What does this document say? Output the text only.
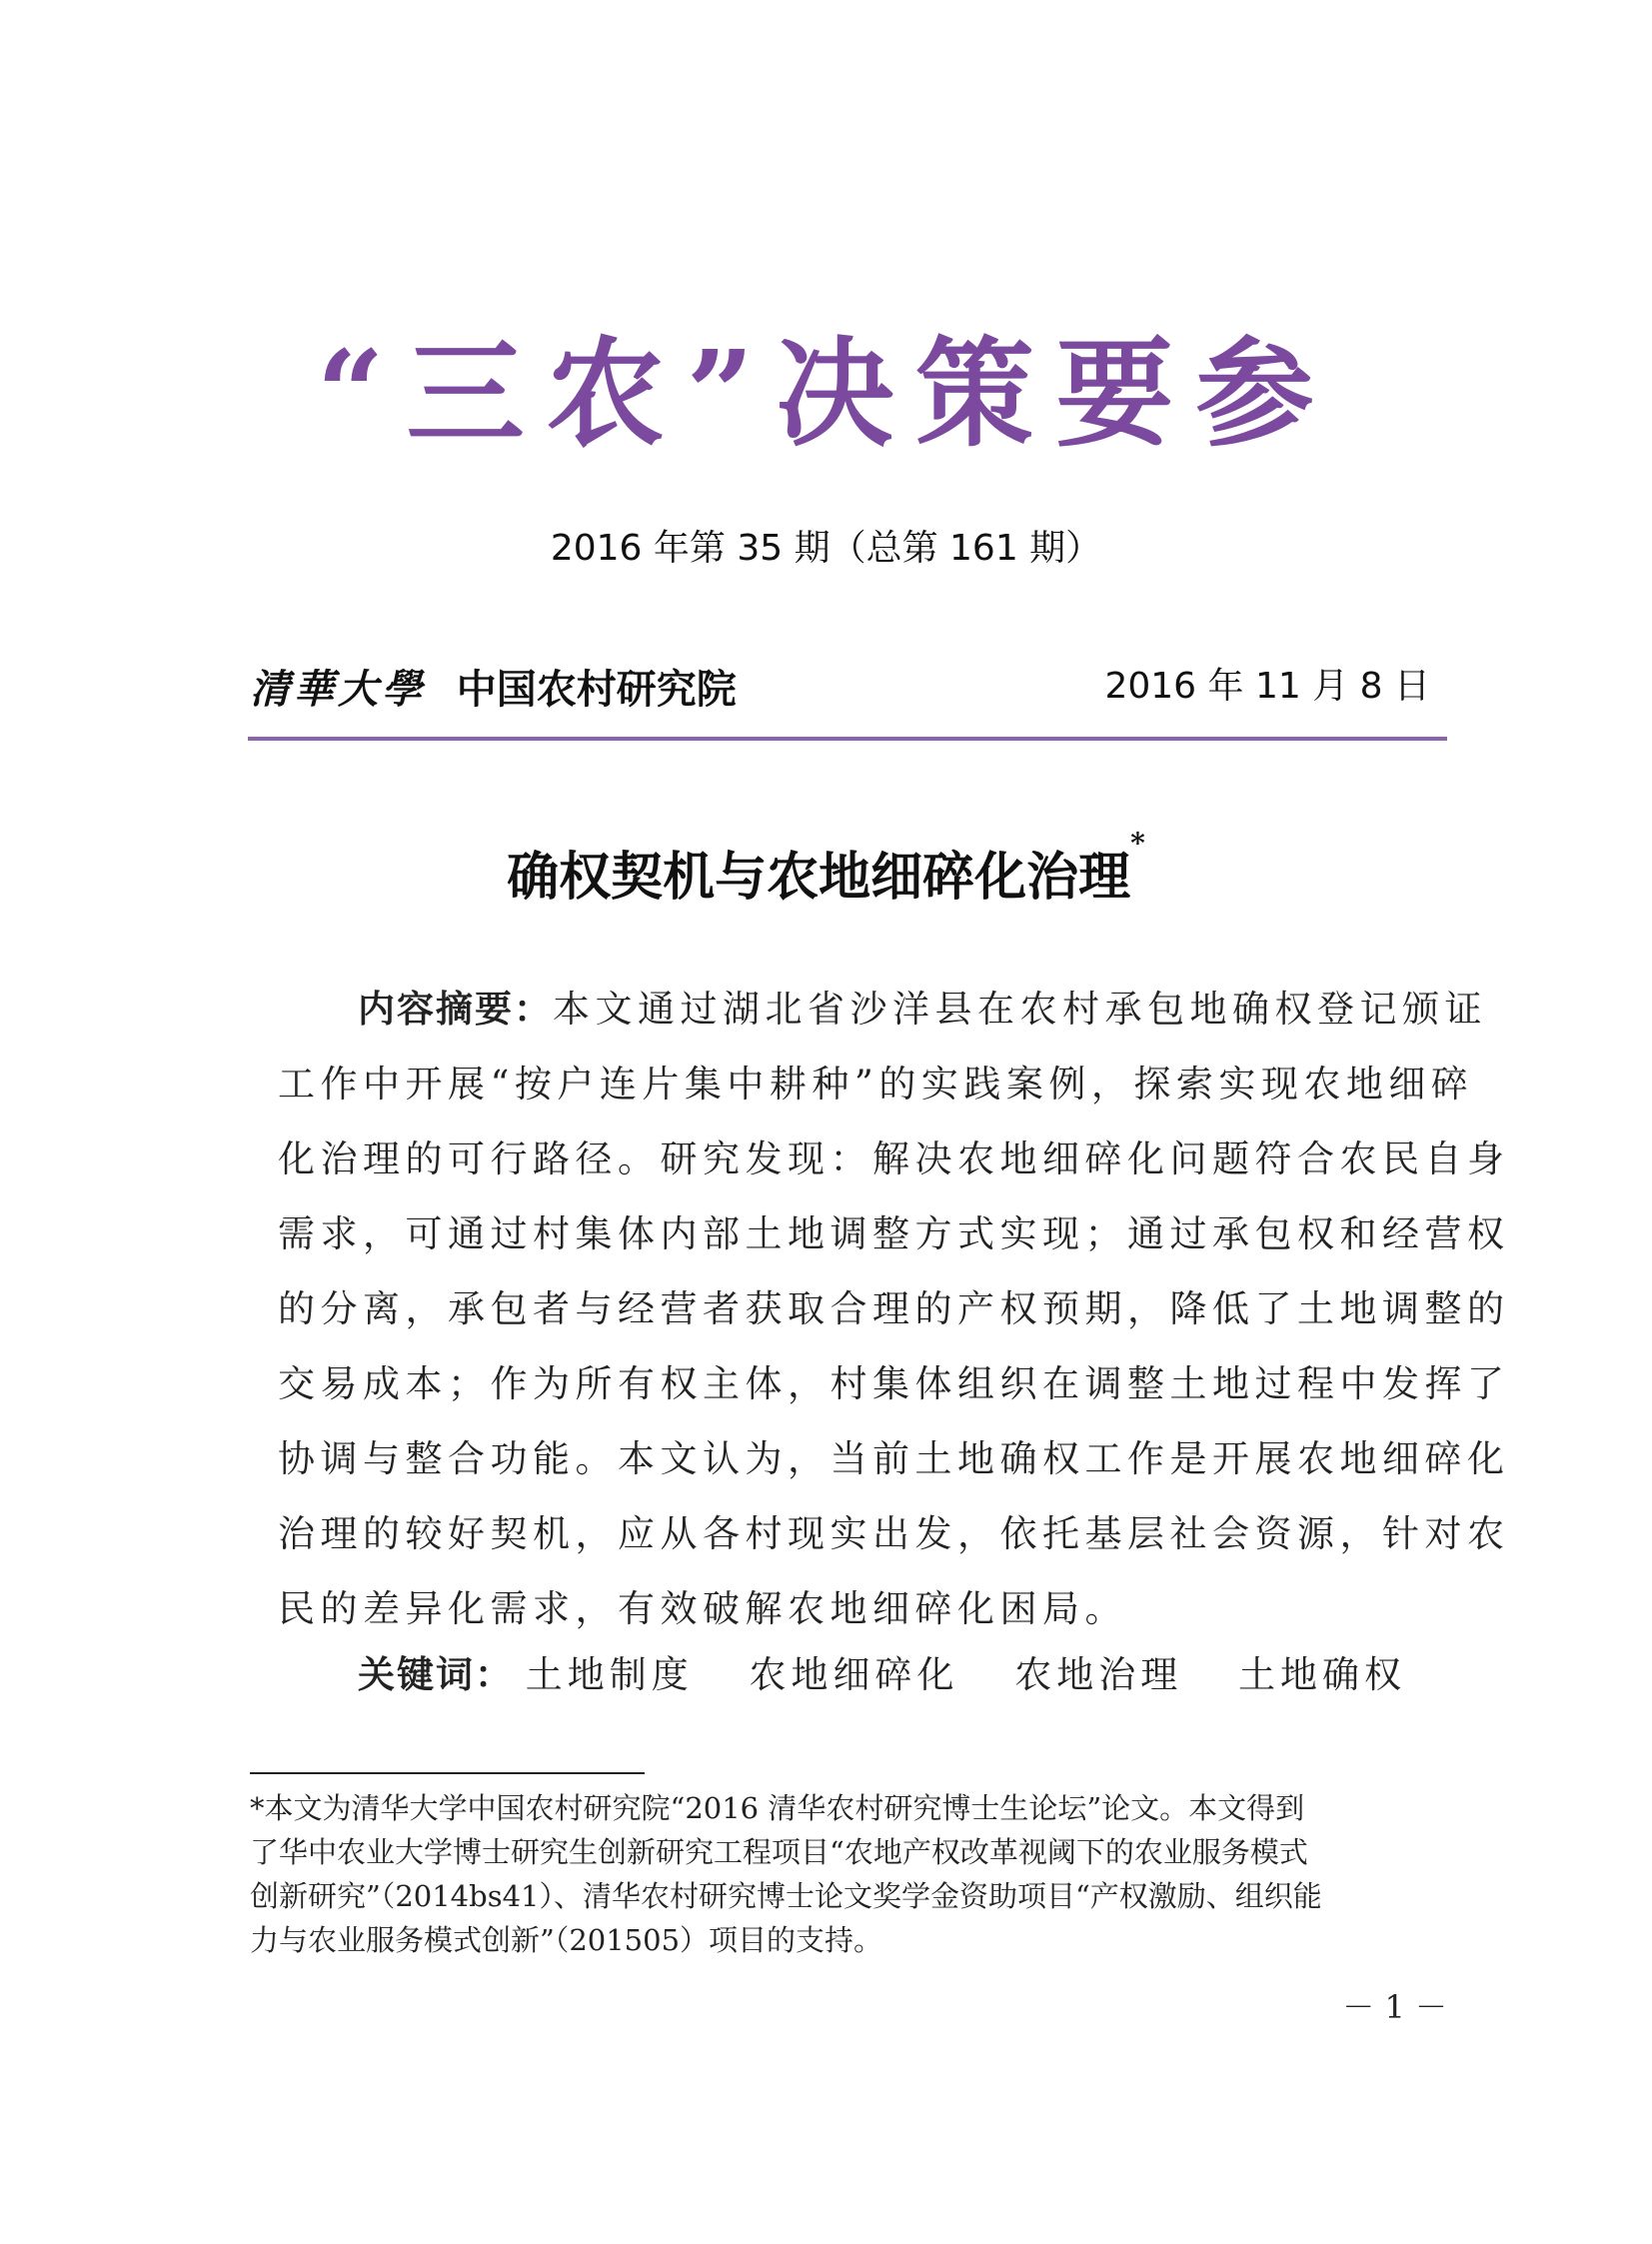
“三农”决策要参
2016 年第 35 期（总第 161 期）
清華大學 中国农村研究院	2016 年 11 月 8 日
确权契机与农地细碎化治理*
内容摘要：本文通过湖北省沙洋县在农村承包地确权登记颁证
工作中开展“按户连片集中耕种”的实践案例，探索实现农地细碎
化治理的可行路径。研究发现：解决农地细碎化问题符合农民自身
需求，可通过村集体内部土地调整方式实现；通过承包权和经营权
的分离，承包者与经营者获取合理的产权预期，降低了土地调整的
交易成本；作为所有权主体，村集体组织在调整土地过程中发挥了
协调与整合功能。本文认为，当前土地确权工作是开展农地细碎化
治理的较好契机，应从各村现实出发，依托基层社会资源，针对农
民的差异化需求，有效破解农地细碎化困局。
关键词： 土地制度 农地细碎化 农地治理 土地确权
*本文为清华大学中国农村研究院“2016 清华农村研究博士生论坛”论文。本文得到
了华中农业大学博士研究生创新研究工程项目“农地产权改革视阈下的农业服务模式
创新研究”（2014bs41）、清华农村研究博士论文奖学金资助项目“产权激励、组织能
力与农业服务模式创新”（201505）项目的支持。
－ 1 －
